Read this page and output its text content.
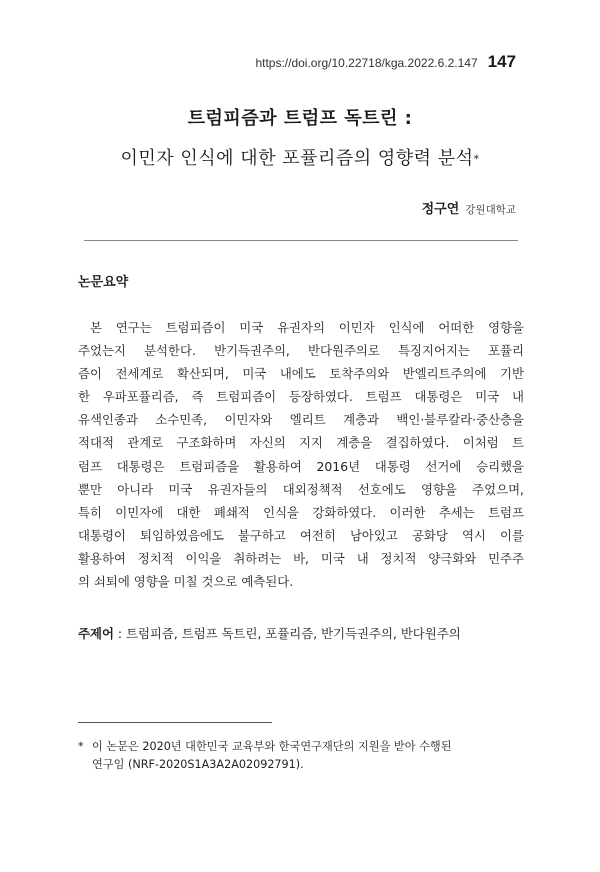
https://doi.org/10.22718/kga.2022.6.2.147 147
트럼피즘과 트럼프 독트린 :
이민자 인식에 대한 포퓰리즘의 영향력 분석*
정구연 강원대학교
논문요약
본 연구는 트럼피즘이 미국 유권자의 이민자 인식에 어떠한 영향을
주었는지 분석한다. 반기득권주의, 반다원주의로 특징지어지는 포퓰리
즘이 전세계로 확산되며, 미국 내에도 토착주의와 반엘리트주의에 기반
한 우파포퓰리즘, 즉 트럼피즘이 등장하였다. 트럼프 대통령은 미국 내
유색인종과 소수민족, 이민자와 엘리트 계층과 백인·블루칼라·중산층을
적대적 관계로 구조화하며 자신의 지지 계층을 결집하였다. 이처럼 트
럼프 대통령은 트럼피즘을 활용하여 2016년 대통령 선거에 승리했을
뿐만 아니라 미국 유권자들의 대외정책적 선호에도 영향을 주었으며,
특히 이민자에 대한 폐쇄적 인식을 강화하였다. 이러한 추세는 트럼프
대통령이 퇴임하였음에도 불구하고 여전히 남아있고 공화당 역시 이를
활용하여 정치적 이익을 취하려는 바, 미국 내 정치적 양극화와 민주주
의 쇠퇴에 영향을 미칠 것으로 예측된다.
주제어 : 트럼피즘, 트럼프 독트린, 포퓰리즘, 반기득권주의, 반다원주의
* 이 논문은 2020년 대한민국 교육부와 한국연구재단의 지원을 받아 수행된
연구임 (NRF-2020S1A3A2A02092791).
